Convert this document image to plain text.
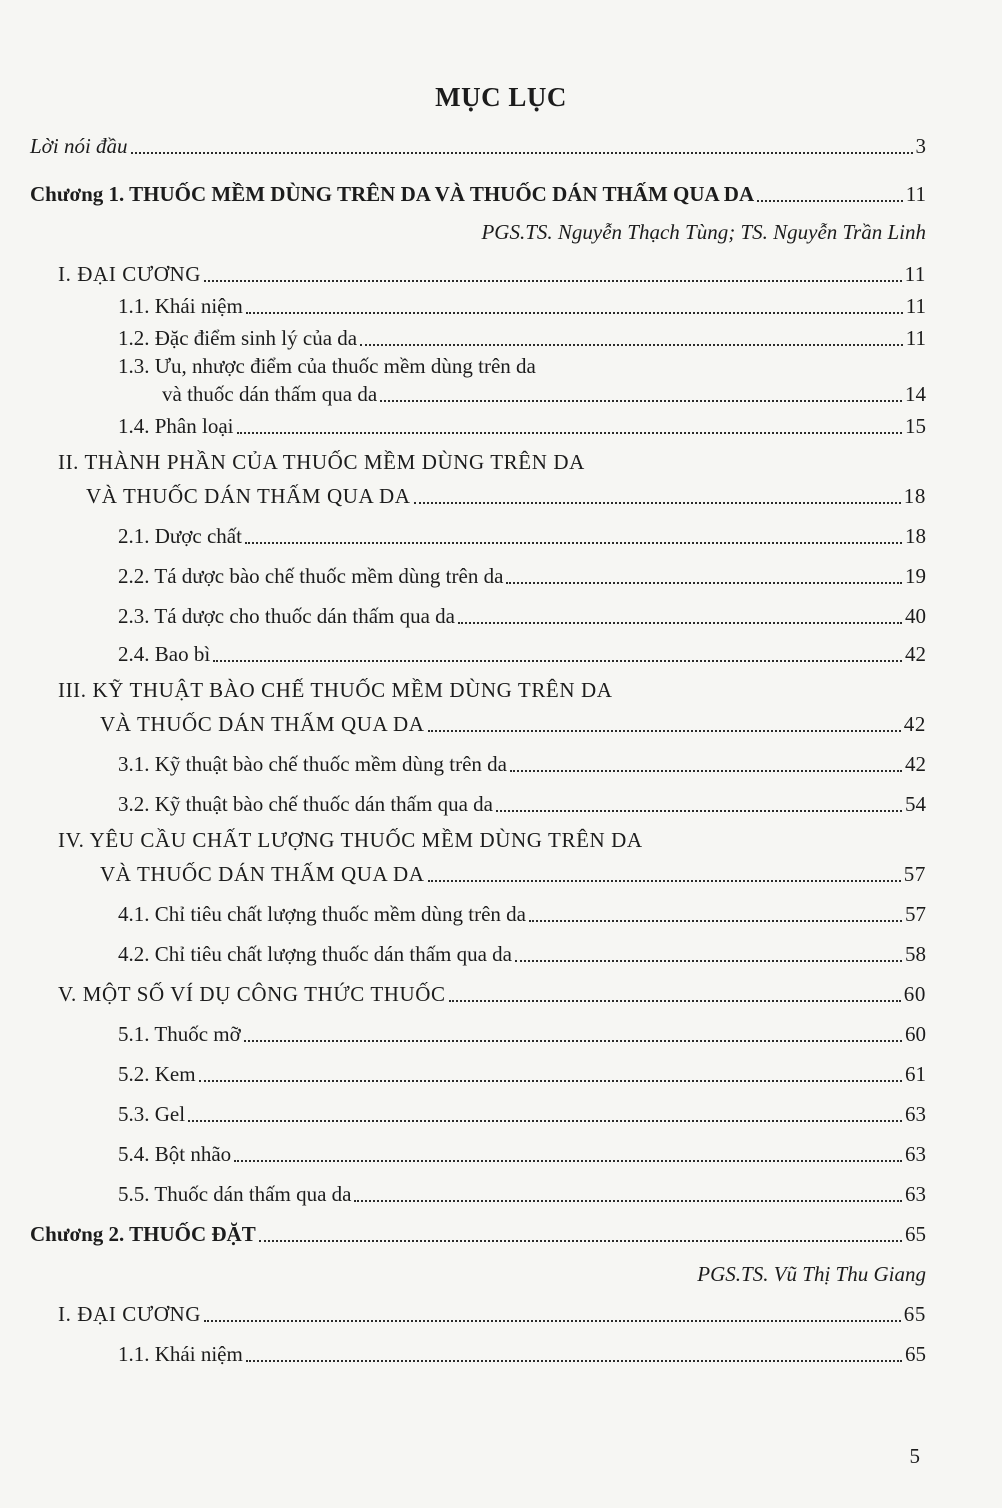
MỤC LỤC
Lời nói đầu	3
Chương 1. THUỐC MỀM DÙNG TRÊN DA VÀ THUỐC DÁN THẤM QUA DA	11
PGS.TS. Nguyễn Thạch Tùng; TS. Nguyễn Trần Linh
I. ĐẠI CƯƠNG	11
1.1. Khái niệm	11
1.2. Đặc điểm sinh lý của da	11
1.3. Ưu, nhược điểm của thuốc mềm dùng trên da
và thuốc dán thấm qua da	14
1.4. Phân loại	15
II. THÀNH PHẦN CỦA THUỐC MỀM DÙNG TRÊN DA
VÀ THUỐC DÁN THẤM QUA DA	18
2.1. Dược chất	18
2.2. Tá dược bào chế thuốc mềm dùng trên da	19
2.3. Tá dược cho thuốc dán thấm qua da	40
2.4. Bao bì	42
III. KỸ THUẬT BÀO CHẾ THUỐC MỀM DÙNG TRÊN DA
VÀ THUỐC DÁN THẤM QUA DA	42
3.1. Kỹ thuật bào chế thuốc mềm dùng trên da	42
3.2. Kỹ thuật bào chế thuốc dán thấm qua da	54
IV. YÊU CẦU CHẤT LƯỢNG THUỐC MỀM DÙNG TRÊN DA
VÀ THUỐC DÁN THẤM QUA DA	57
4.1. Chỉ tiêu chất lượng thuốc mềm dùng trên da	57
4.2. Chỉ tiêu chất lượng thuốc dán thấm qua da	58
V. MỘT SỐ VÍ DỤ CÔNG THỨC THUỐC	60
5.1. Thuốc mỡ	60
5.2. Kem	61
5.3. Gel	63
5.4. Bột nhão	63
5.5. Thuốc dán thấm qua da	63
Chương 2. THUỐC ĐẶT	65
PGS.TS. Vũ Thị Thu Giang
I. ĐẠI CƯƠNG	65
1.1. Khái niệm	65
5
